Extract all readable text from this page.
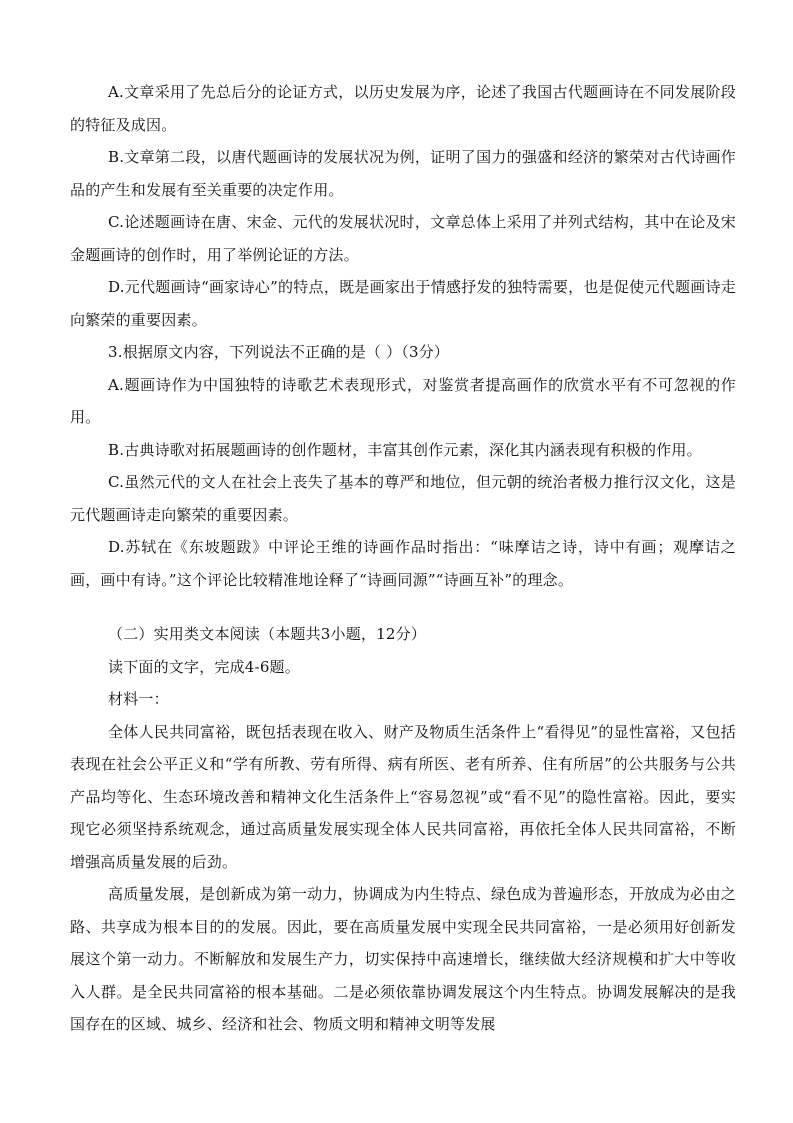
A.文章采用了先总后分的论证方式，以历史发展为序，论述了我国古代题画诗在不同发展阶段的特征及成因。

B.文章第二段，以唐代题画诗的发展状况为例，证明了国力的强盛和经济的繁荣对古代诗画作品的产生和发展有至关重要的决定作用。

C.论述题画诗在唐、宋金、元代的发展状况时，文章总体上采用了并列式结构，其中在论及宋金题画诗的创作时，用了举例论证的方法。

D.元代题画诗“画家诗心”的特点，既是画家出于情感抒发的独特需要，也是促使元代题画诗走向繁荣的重要因素。

3.根据原文内容，下列说法不正确的是（ ）（3分）

A.题画诗作为中国独特的诗歌艺术表现形式，对鉴赏者提高画作的欣赏水平有不可忽视的作用。

B.古典诗歌对拓展题画诗的创作题材，丰富其创作元素，深化其内涵表现有积极的作用。

C.虽然元代的文人在社会上丧失了基本的尊严和地位，但元朝的统治者极力推行汉文化，这是元代题画诗走向繁荣的重要因素。

D.苏轼在《东坡题跋》中评论王维的诗画作品时指出：“味摩诘之诗，诗中有画；观摩诘之画，画中有诗。”这个评论比较精准地诠释了“诗画同源”“诗画互补”的理念。

（二）实用类文本阅读（本题共3小题，12分）

读下面的文字，完成4-6题。

材料一：

全体人民共同富裕，既包括表现在收入、财产及物质生活条件上“看得见”的显性富裕，又包括表现在社会公平正义和“学有所教、劳有所得、病有所医、老有所养、住有所居”的公共服务与公共产品均等化、生态环境改善和精神文化生活条件上“容易忽视”或“看不见”的隐性富裕。因此，要实现它必须坚持系统观念，通过高质量发展实现全体人民共同富裕，再依托全体人民共同富裕，不断增强高质量发展的后劲。

高质量发展，是创新成为第一动力，协调成为内生特点、绿色成为普遍形态，开放成为必由之路、共享成为根本目的的发展。因此，要在高质量发展中实现全民共同富裕，一是必须用好创新发展这个第一动力。不断解放和发展生产力，切实保持中高速增长，继续做大经济规模和扩大中等收入人群。是全民共同富裕的根本基础。二是必须依靠协调发展这个内生特点。协调发展解决的是我国存在的区域、城乡、经济和社会、物质文明和精神文明等发展
